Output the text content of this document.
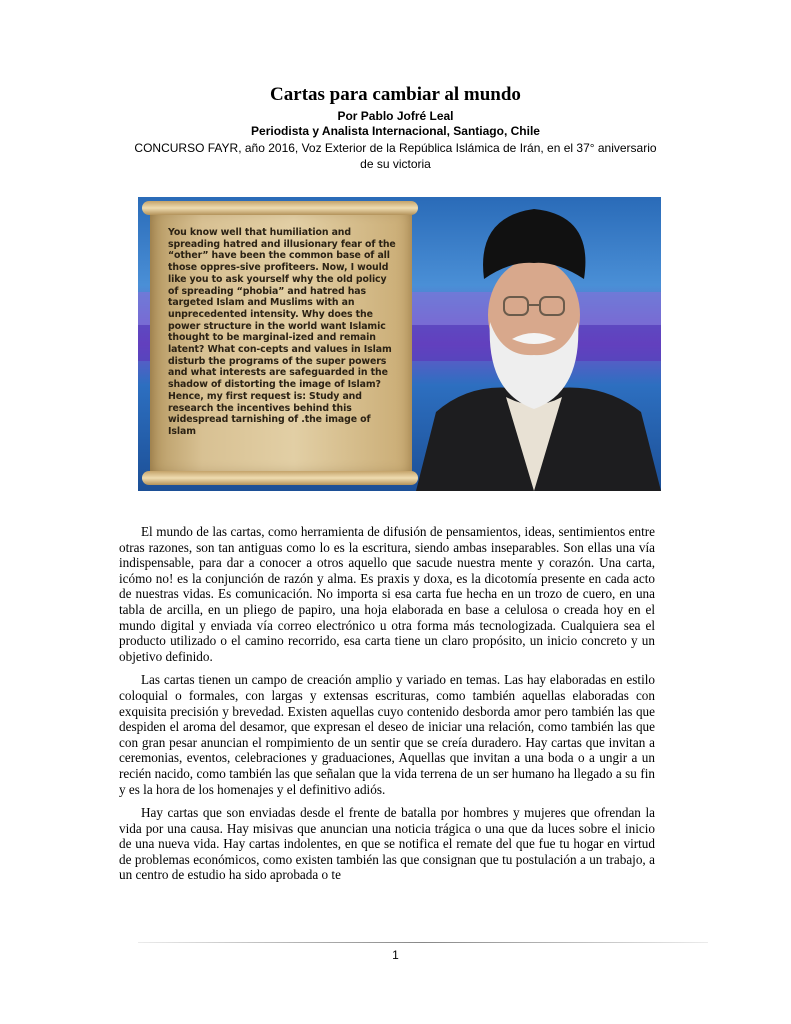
Cartas para cambiar al mundo
Por Pablo Jofré Leal
Periodista y Analista Internacional, Santiago, Chile
CONCURSO FAYR, año 2016, Voz Exterior de la República Islámica de Irán, en el 37° aniversario de su victoria
You know well that humiliation and spreading hatred and illusionary fear of the “other” have been the common base of all those oppres-sive profiteers. Now, I would like you to ask yourself why the old policy of spreading “phobia” and hatred has targeted Islam and Muslims with an unprecedented intensity. Why does the power structure in the world want Islamic thought to be marginal-ized and remain latent? What con-cepts and values in Islam disturb the programs of the super powers and what interests are safeguarded in the shadow of distorting the image of Islam? Hence, my first request is: Study and research the incentives behind this widespread tarnishing of .the image of Islam

El mundo de las cartas, como herramienta de difusión de pensamientos, ideas, sentimientos entre otras razones, son tan antiguas como lo es la escritura, siendo ambas inseparables. Son ellas una vía indispensable, para dar a conocer a otros aquello que sacude nuestra mente y corazón. Una carta, icómo no! es la conjunción de razón y alma. Es praxis y doxa, es la dicotomía presente en cada acto de nuestras vidas. Es comunicación. No importa si esa carta fue hecha en un trozo de cuero, en una tabla de arcilla, en un pliego de papiro, una hoja elaborada en base a celulosa o creada hoy en el mundo digital y enviada vía correo electrónico u otra forma más tecnologizada. Cualquiera sea el producto utilizado o el camino recorrido, esa carta tiene un claro propósito, un inicio concreto y un objetivo definido.

Las cartas tienen un campo de creación amplio y variado en temas. Las hay elaboradas en estilo coloquial o formales, con largas y extensas escrituras, como también aquellas elaboradas con exquisita precisión y brevedad. Existen aquellas cuyo contenido desborda amor pero también las que despiden el aroma del desamor, que expresan el deseo de iniciar una relación, como también las que con gran pesar anuncian el rompimiento de un sentir que se creía duradero. Hay cartas que invitan a ceremonias, eventos, celebraciones y graduaciones, Aquellas que invitan a una boda o a ungir a un recién nacido, como también las que señalan que la vida terrena de un ser humano ha llegado a su fin y es la hora de los homenajes y el definitivo adiós.

Hay cartas que son enviadas desde el frente de batalla por hombres y mujeres que ofrendan la vida por una causa. Hay misivas que anuncian una noticia trágica o una que da luces sobre el inicio de una nueva vida. Hay cartas indolentes, en que se notifica el remate del que fue tu hogar en virtud de problemas económicos, como existen también las que consignan que tu postulación a un trabajo, a un centro de estudio ha sido aprobada o te

1
